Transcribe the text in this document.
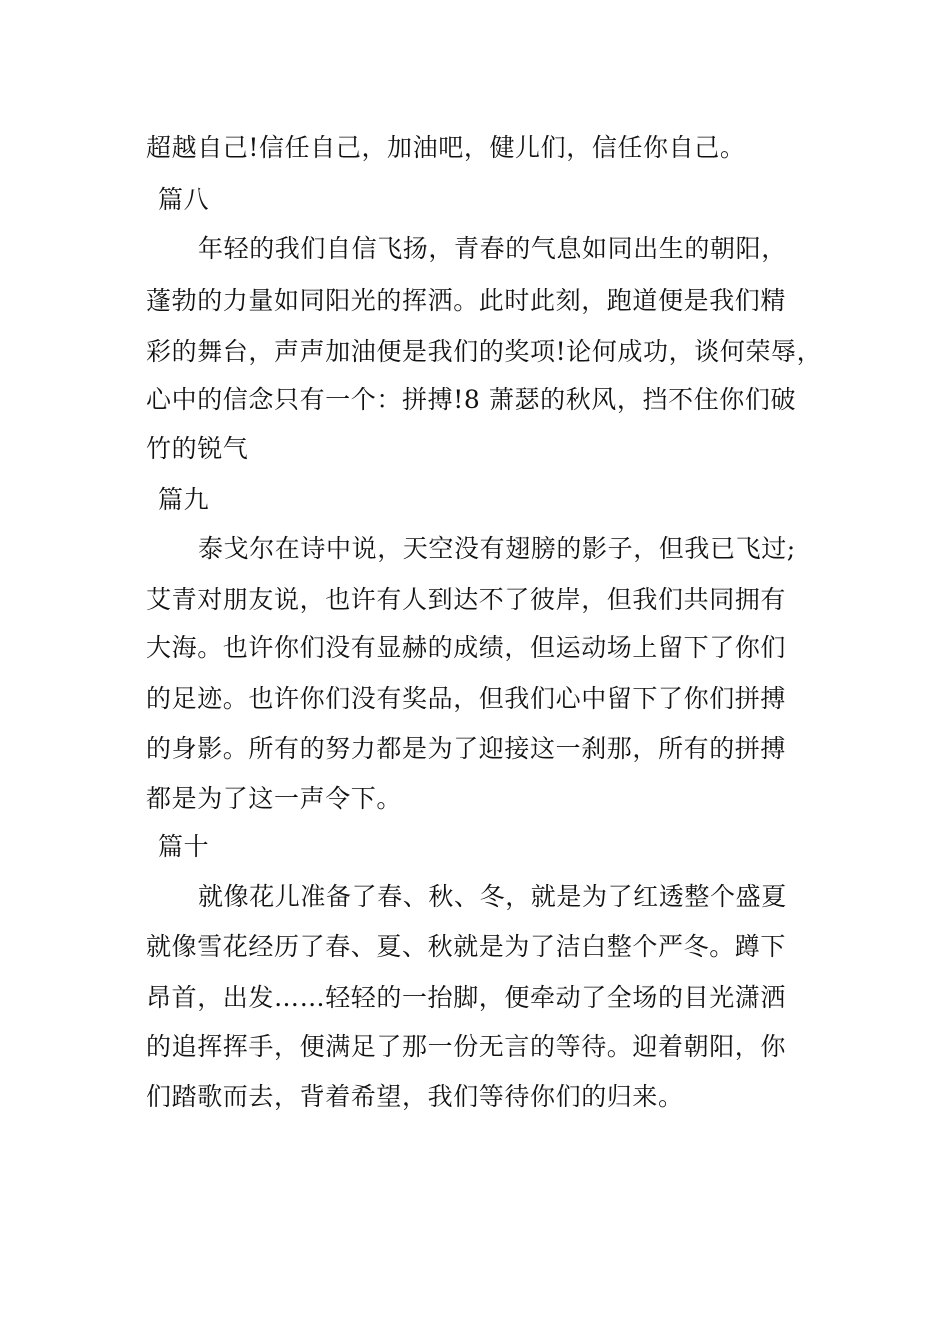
超越自己!信任自己，加油吧，健儿们，信任你自己。
篇八
年轻的我们自信飞扬，青春的气息如同出生的朝阳，
蓬勃的力量如同阳光的挥洒。此时此刻，跑道便是我们精
彩的舞台，声声加油便是我们的奖项!论何成功，谈何荣辱，
心中的信念只有一个：拼搏!8 萧瑟的秋风，挡不住你们破
竹的锐气
篇九
泰戈尔在诗中说，天空没有翅膀的影子，但我已飞过;
艾青对朋友说，也许有人到达不了彼岸，但我们共同拥有
大海。也许你们没有显赫的成绩，但运动场上留下了你们
的足迹。也许你们没有奖品，但我们心中留下了你们拼搏
的身影。所有的努力都是为了迎接这一刹那，所有的拼搏
都是为了这一声令下。
篇十
就像花儿准备了春、秋、冬，就是为了红透整个盛夏
就像雪花经历了春、夏、秋就是为了洁白整个严冬。蹲下
昂首，出发……轻轻的一抬脚，便牵动了全场的目光潇洒
的追挥挥手，便满足了那一份无言的等待。迎着朝阳，你
们踏歌而去，背着希望，我们等待你们的归来。
